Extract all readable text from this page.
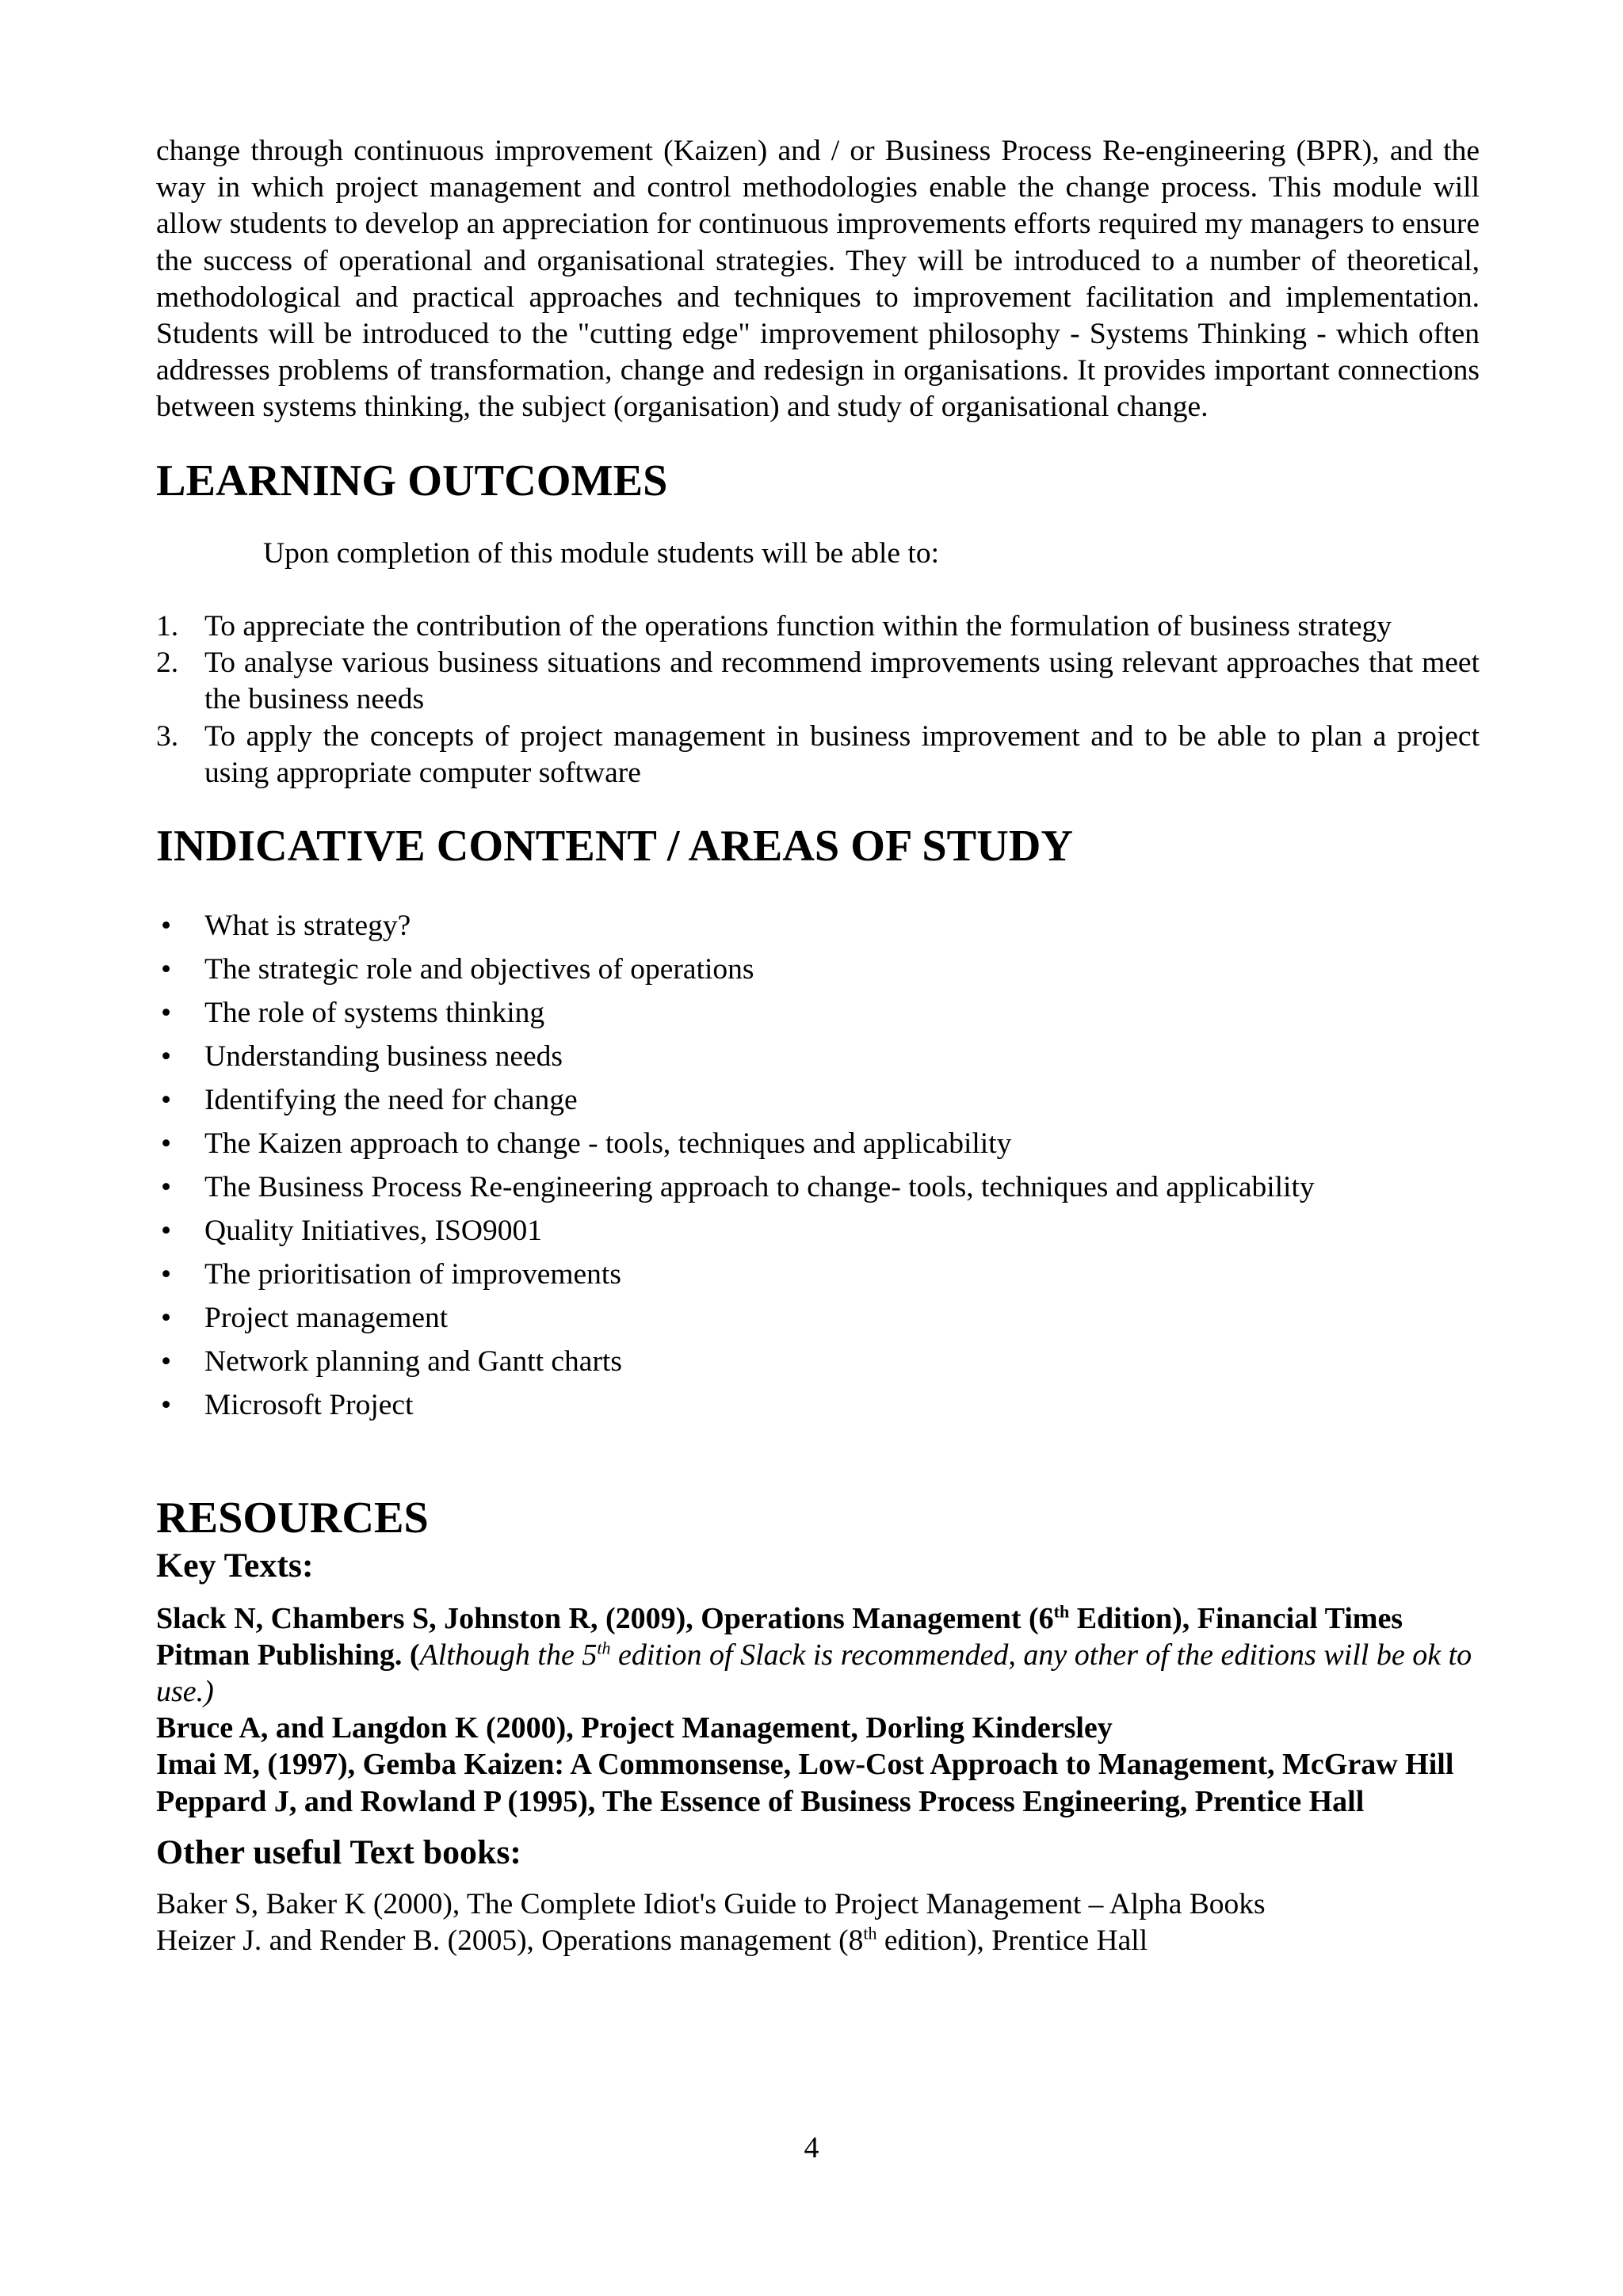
change through continuous improvement (Kaizen) and / or Business Process Re-engineering (BPR), and the way in which project management and control methodologies enable the change process. This module will allow students to develop an appreciation for continuous improvements efforts required my managers to ensure the success of operational and organisational strategies. They will be introduced to a number of theoretical, methodological and practical approaches and techniques to improvement facilitation and implementation. Students will be introduced to the "cutting edge" improvement philosophy - Systems Thinking - which often addresses problems of transformation, change and redesign in organisations. It provides important connections between systems thinking, the subject (organisation) and study of organisational change.

LEARNING OUTCOMES

Upon completion of this module students will be able to:

1. To appreciate the contribution of the operations function within the formulation of business strategy
2. To analyse various business situations and recommend improvements using relevant approaches that meet the business needs
3. To apply the concepts of project management in business improvement and to be able to plan a project using appropriate computer software
INDICATIVE CONTENT / AREAS OF STUDY
• What is strategy?
• The strategic role and objectives of operations
• The role of systems thinking
• Understanding business needs
• Identifying the need for change
• The Kaizen approach to change - tools, techniques and applicability
• The Business Process Re-engineering approach to change- tools, techniques and applicability
• Quality Initiatives, ISO9001
• The prioritisation of improvements
• Project management
• Network planning and Gantt charts
• Microsoft Project
RESOURCES
Key Texts:

Slack N, Chambers S, Johnston R, (2009), Operations Management (6th Edition), Financial Times Pitman Publishing. (Although the 5th edition of Slack is recommended, any other of the editions will be ok to use.)

Bruce A, and Langdon K (2000), Project Management, Dorling Kindersley

Imai M, (1997), Gemba Kaizen: A Commonsense, Low-Cost Approach to Management, McGraw Hill

Peppard J, and Rowland P (1995), The Essence of Business Process Engineering, Prentice Hall

Other useful Text books:

Baker S, Baker K (2000), The Complete Idiot's Guide to Project Management – Alpha Books

Heizer J. and Render B. (2005), Operations management (8th edition), Prentice Hall

4
